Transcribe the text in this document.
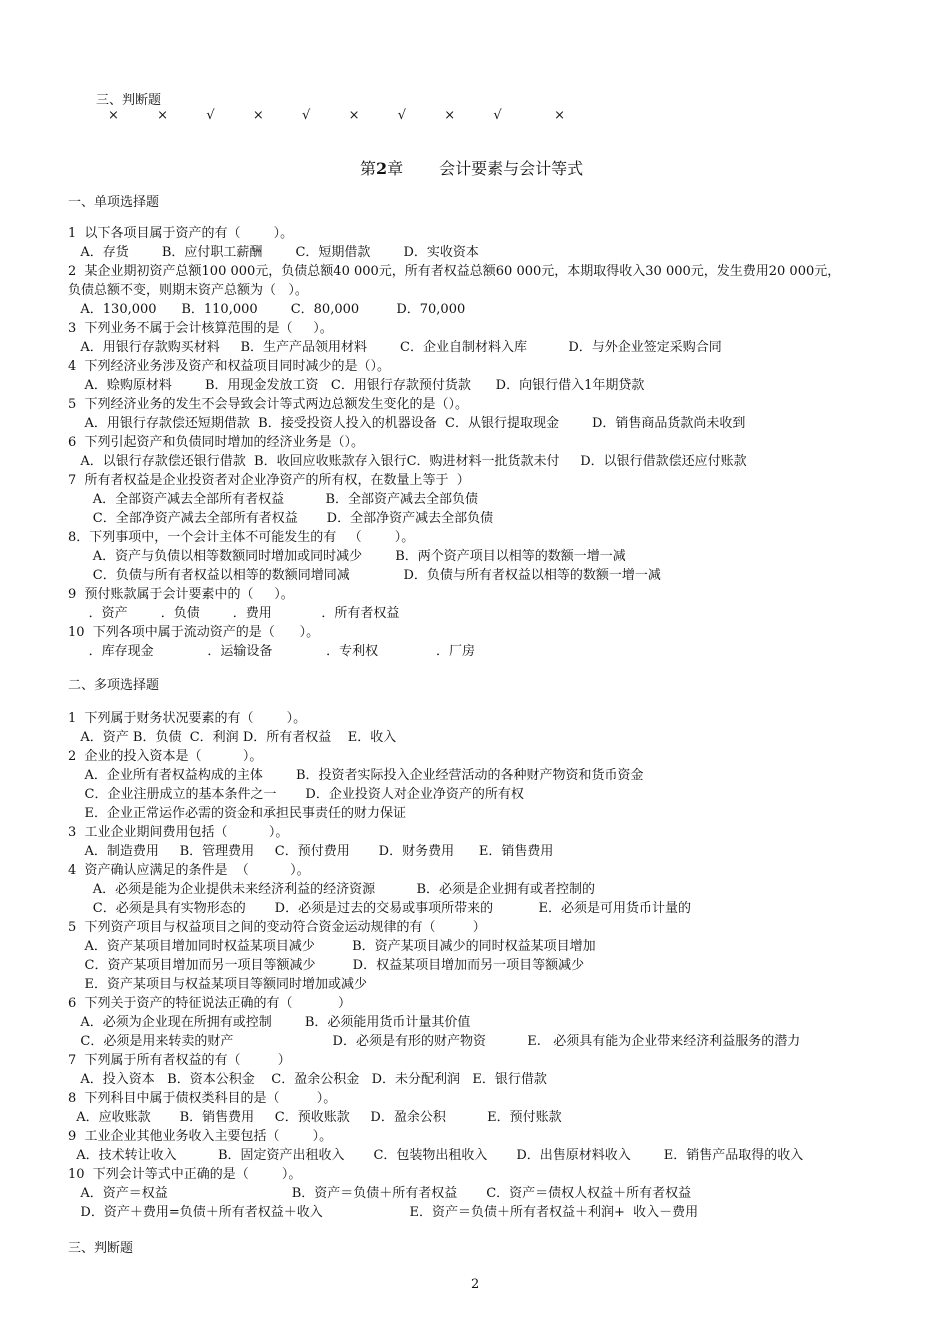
三、判断题
×  ×  √  ×  √  ×  √  ×  √   ×
第2章 会计要素与会计等式
一、单项选择题
1  以下各项目属于资产的有（        ）。
A．存货        B．应付职工薪酬        C．短期借款        D．实收资本
2  某企业期初资产总额100 000元，负债总额40 000元，所有者权益总额60 000元，本期取得收入30 000元，发生费用20 000元，
负债总额不变，则期末资产总额为（   ）。
A．130,000      B．110,000        C．80,000         D．70,000
3  下列业务不属于会计核算范围的是（     ）。
A．用银行存款购买材料     B．生产产品领用材料        C．企业自制材料入库          D．与外企业签定采购合同
4  下列经济业务涉及资产和权益项目同时减少的是（）。
A．赊购原材料        B．用现金发放工资   C．用银行存款预付货款      D．向银行借入1年期贷款
5  下列经济业务的发生不会导致会计等式两边总额发生变化的是（）。
A．用银行存款偿还短期借款  B．接受投资人投入的机器设备  C．从银行提取现金        D．销售商品货款尚未收到
6  下列引起资产和负债同时增加的经济业务是（）。
A．以银行存款偿还银行借款  B．收回应收账款存入银行C．购进材料一批货款未付     D．以银行借款偿还应付账款
7  所有者权益是企业投资者对企业净资产的所有权，在数量上等于  ）
A．全部资产减去全部所有者权益          B．全部资产减去全部负债
C．全部净资产减去全部所有者权益       D．全部净资产减去全部负债
8．下列事项中，一个会计主体不可能发生的有   （        ）。
A．资产与负债以相等数额同时增加或同时减少        B．两个资产项目以相等的数额一增一减
C．负债与所有者权益以相等的数额同增同减             D．负债与所有者权益以相等的数额一增一减
9  预付账款属于会计要素中的（     ）。
．资产        ．负债        ．费用            ．所有者权益
10  下列各项中属于流动资产的是（      ）。
．库存现金             ．运输设备             ．专利权              ．厂房
二、多项选择题
1  下列属于财务状况要素的有（        ）。
A．资产 B．负债  C．利润 D．所有者权益    E．收入
2  企业的投入资本是（          ）。
A．企业所有者权益构成的主体        B．投资者实际投入企业经营活动的各种财产物资和货币资金
C．企业注册成立的基本条件之一       D．企业投资人对企业净资产的所有权
E．企业正常运作必需的资金和承担民事责任的财力保证
3  工业企业期间费用包括（          ）。
A．制造费用     B．管理费用     C．预付费用       D．财务费用      E．销售费用
4  资产确认应满足的条件是  （          ）。
A．必须是能为企业提供未来经济利益的经济资源          B．必须是企业拥有或者控制的
C．必须是具有实物形态的       D．必须是过去的交易或事项所带来的           E．必须是可用货币计量的
5  下列资产项目与权益项目之间的变动符合资金运动规律的有（         ）
A．资产某项目增加同时权益某项目减少         B．资产某项目减少的同时权益某项目增加
C．资产某项目增加而另一项目等额减少         D．权益某项目增加而另一项目等额减少
E．资产某项目与权益某项目等额同时增加或减少
6  下列关于资产的特征说法正确的有（           ）
A．必须为企业现在所拥有或控制        B．必须能用货币计量其价值
C．必须是用来转卖的财产                        D．必须是有形的财产物资          E.   必须具有能为企业带来经济利益服务的潜力
7  下列属于所有者权益的有（         ）
A．投入资本   B．资本公积金    C．盈余公积金   D．未分配利润   E．银行借款
8  下列科目中属于债权类科目的是（         ）。
A．应收账款       B．销售费用     C．预收账款     D．盈余公积          E．预付账款
9  工业企业其他业务收入主要包括（        ）。
A．技术转让收入          B．固定资产出租收入       C．包装物出租收入       D．出售原材料收入        E．销售产品取得的收入
10  下列会计等式中正确的是（        ）。
A．资产＝权益                              B．资产＝负债＋所有者权益       C．资产＝债权人权益＋所有者权益
D．资产＋费用=负债＋所有者权益＋收入                     E．资产＝负债＋所有者权益＋利润+  收入－费用
三、判断题
2
